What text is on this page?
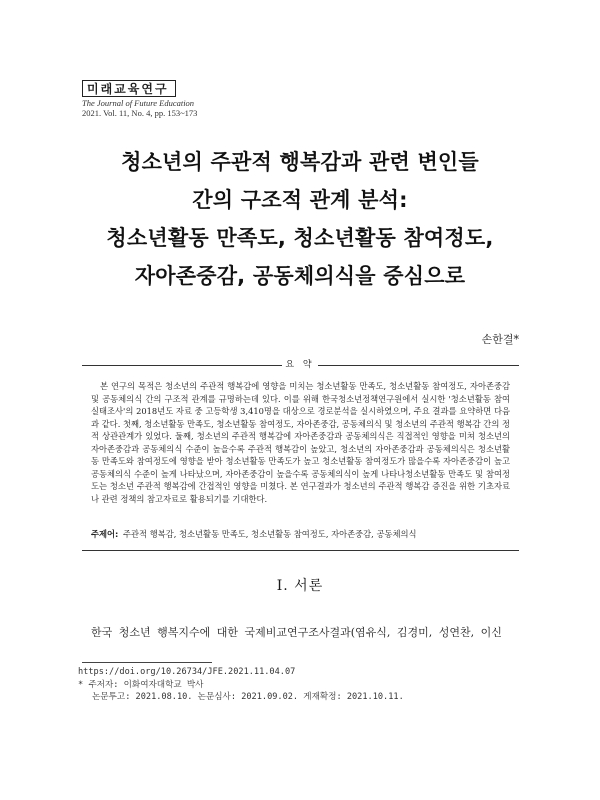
미래교육연구
The Journal of Future Education
2021. Vol. 11, No. 4, pp. 153~173
청소년의 주관적 행복감과 관련 변인들
간의 구조적 관계 분석:
청소년활동 만족도, 청소년활동 참여정도,
자아존중감, 공동체의식을 중심으로
손한결*
요 약

본 연구의 목적은 청소년의 주관적 행복감에 영향을 미치는 청소년활동 만족도, 청소년활동 참여정도, 자아존중감 및 공동체의식 간의 구조적 관계를 규명하는데 있다. 이를 위해 한국청소년정책연구원에서 실시한 '청소년활동 참여 실태조사'의 2018년도 자료 중 고등학생 3,410명을 대상으로 경로분석을 실시하였으며, 주요 결과를 요약하면 다음과 같다. 첫째, 청소년활동 만족도, 청소년활동 참여정도, 자아존중감, 공동체의식 및 청소년의 주관적 행복감 간의 정적 상관관계가 있었다. 둘째, 청소년의 주관적 행복감에 자아존중감과 공동체의식은 직접적인 영향을 미쳐 청소년의 자아존중감과 공동체의식 수준이 높을수록 주관적 행복감이 높았고, 청소년의 자아존중감과 공동체의식은 청소년활동 만족도와 참여정도에 영향을 받아 청소년활동 만족도가 높고 청소년활동 참여정도가 많을수록 자아존중감이 높고 공동체의식 수준이 높게 나타났으며, 자아존중감이 높을수록 공동체의식이 높게 나타나청소년활동 만족도 및 참여정도는 청소년 주관적 행복감에 간접적인 영향을 미쳤다. 본 연구결과가 청소년의 주관적 행복감 증진을 위한 기초자료나 관련 정책의 참고자료로 활용되기를 기대한다.

주제어: 주관적 행복감, 청소년활동 만족도, 청소년활동 참여정도, 자아존중감, 공동체의식
Ⅰ. 서론
한국 청소년 행복지수에 대한 국제비교연구조사결과(염유식, 김경미, 성연찬, 이신
https://doi.org/10.26734/JFE.2021.11.04.07
* 주저자: 이화여자대학교 박사
논문투고: 2021.08.10. 논문심사: 2021.09.02. 게재확정: 2021.10.11.
